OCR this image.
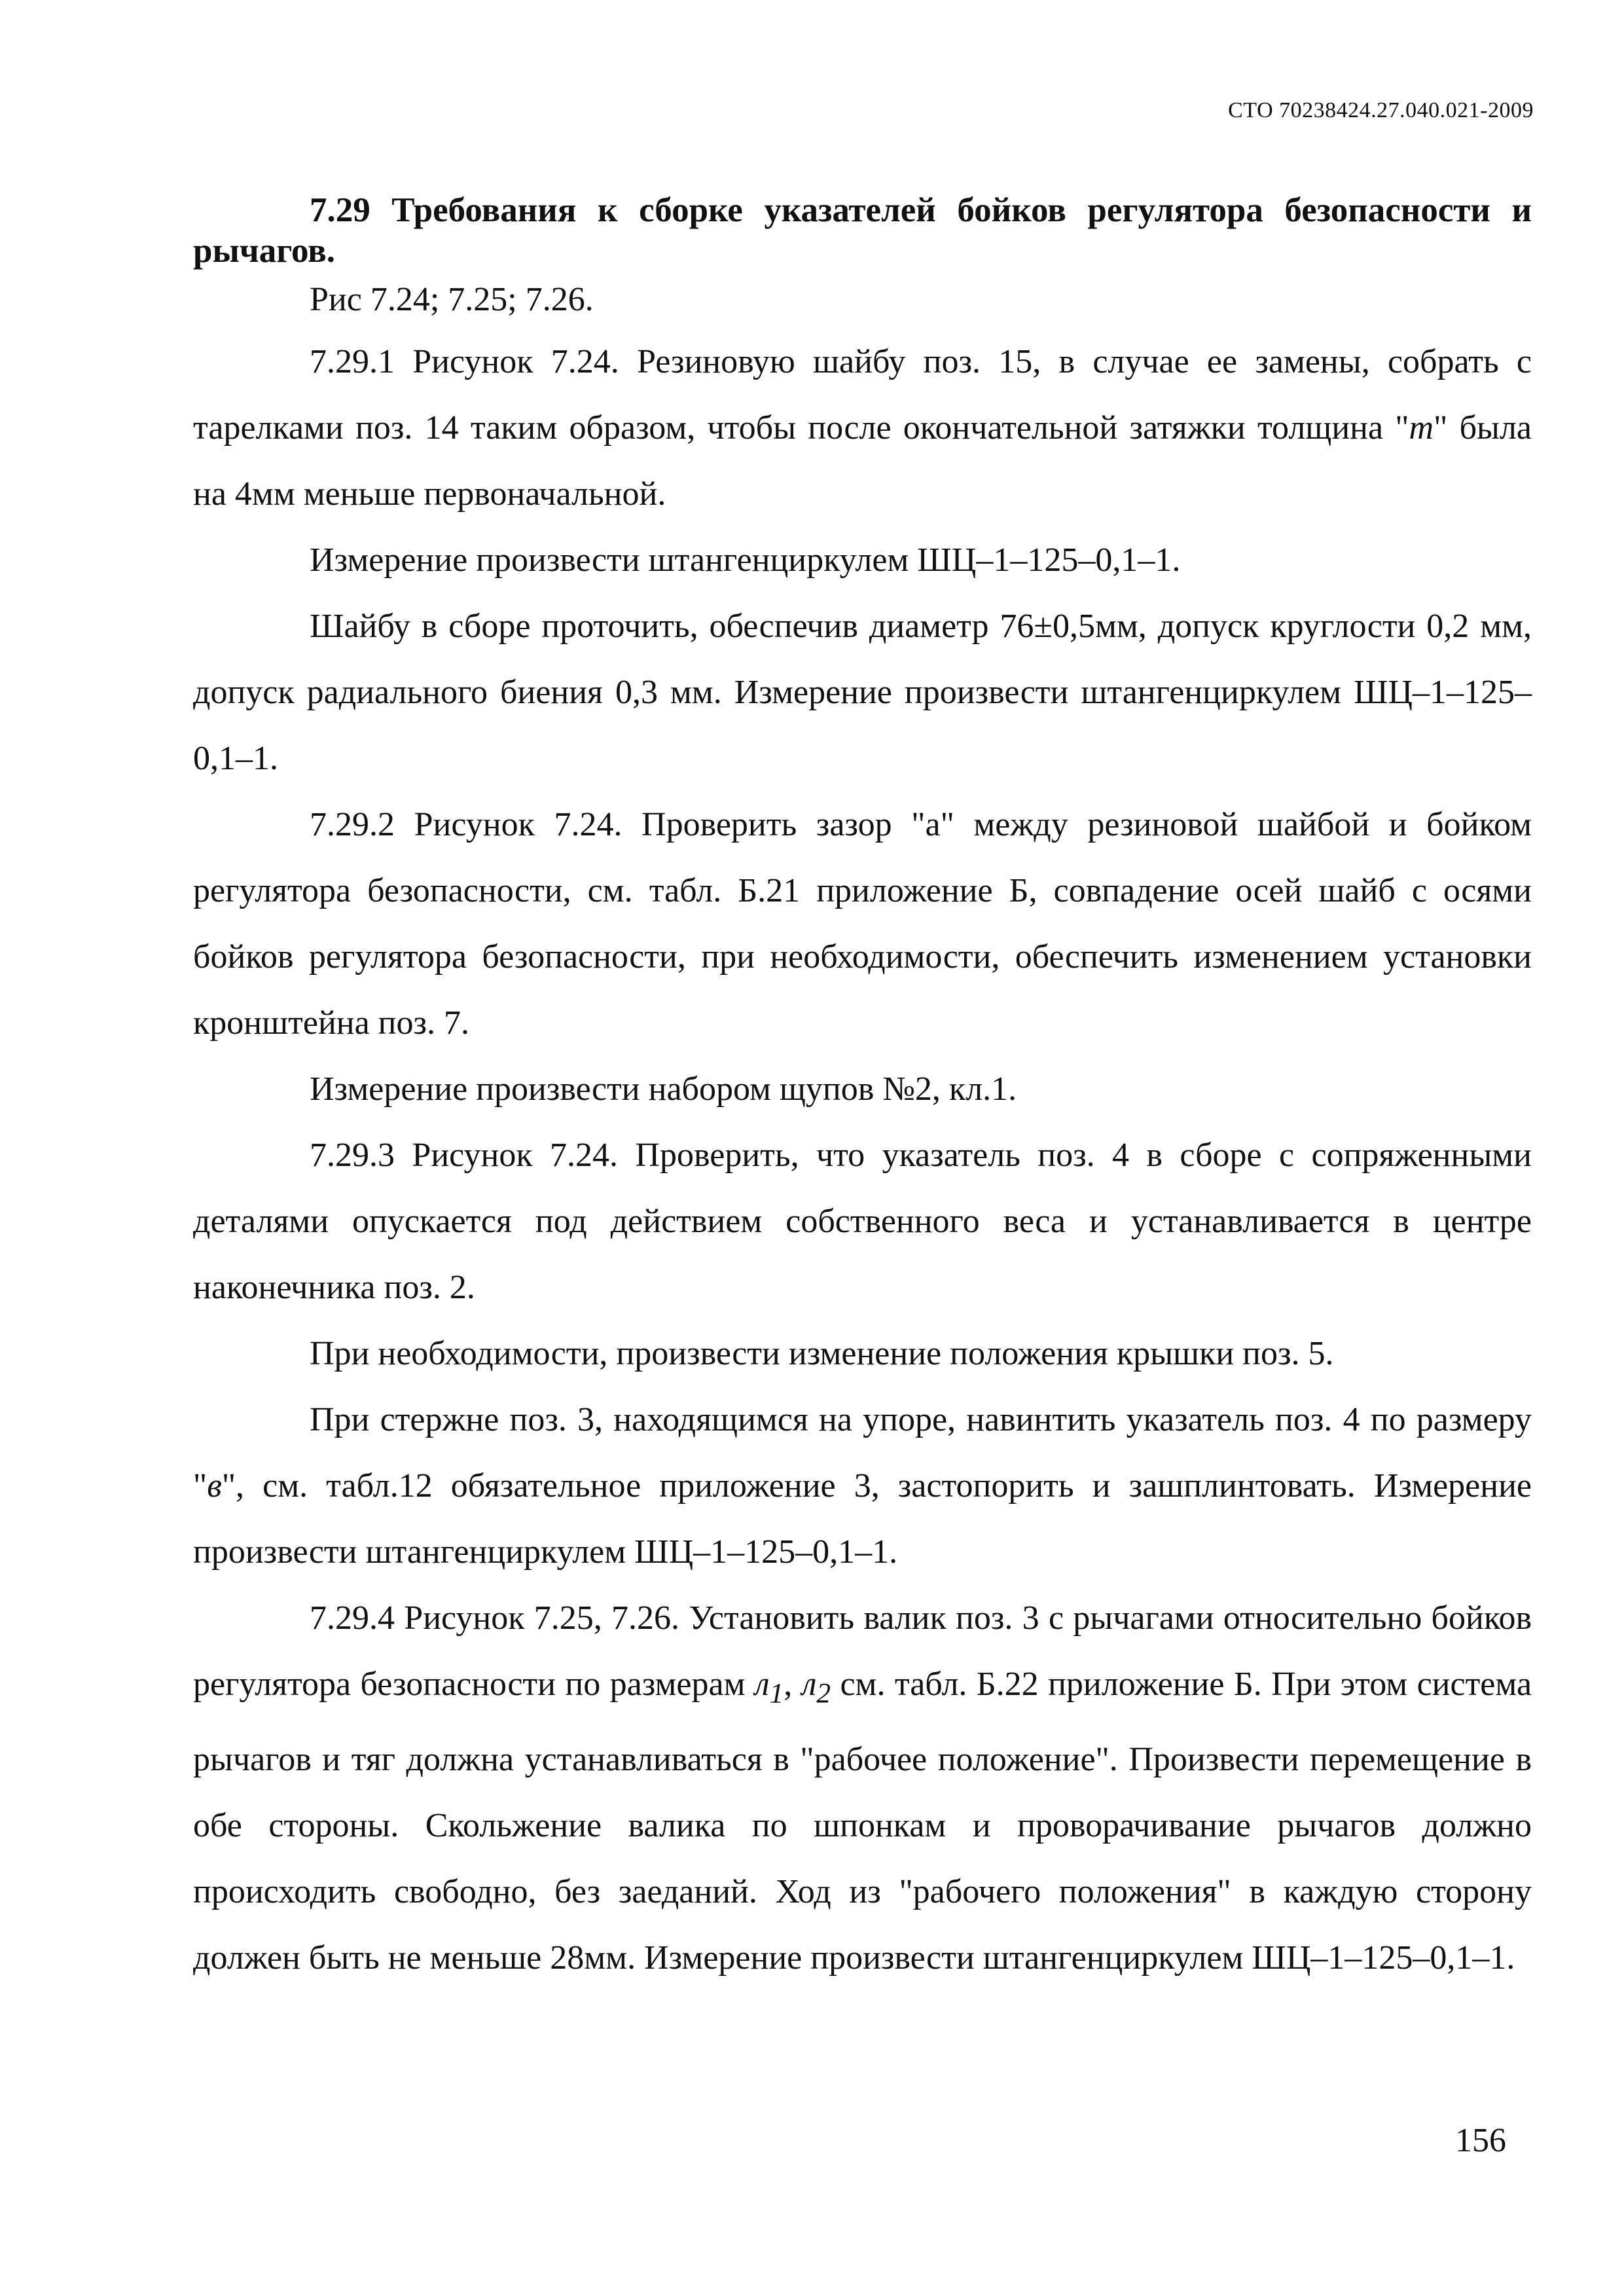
СТО 70238424.27.040.021-2009

7.29 Требования к сборке указателей бойков регулятора безопасности и рычагов.

Рис 7.24; 7.25; 7.26.

7.29.1 Рисунок 7.24. Резиновую шайбу поз. 15, в случае ее замены, собрать с тарелками поз. 14 таким образом, чтобы после окончательной затяжки толщина "m" была на 4мм меньше первоначальной.

Измерение произвести штангенциркулем ШЦ–1–125–0,1–1.

Шайбу в сборе проточить, обеспечив диаметр 76±0,5мм, допуск круглости 0,2 мм, допуск радиального биения 0,3 мм. Измерение произвести штангенциркулем ШЦ–1–125–0,1–1.

7.29.2 Рисунок 7.24. Проверить зазор "а" между резиновой шайбой и бойком регулятора безопасности, см. табл. Б.21 приложение Б, совпадение осей шайб с осями бойков регулятора безопасности, при необходимости, обеспечить изменением установки кронштейна поз. 7.

Измерение произвести набором щупов №2, кл.1.

7.29.3 Рисунок 7.24. Проверить, что указатель поз. 4 в сборе с сопряженными деталями опускается под действием собственного веса и устанавливается в центре наконечника поз. 2.

При необходимости, произвести изменение положения крышки поз. 5.

При стержне поз. 3, находящимся на упоре, навинтить указатель поз. 4 по размеру "в", см. табл.12 обязательное приложение 3, застопорить и зашплинтовать. Измерение произвести штангенциркулем ШЦ–1–125–0,1–1.

7.29.4 Рисунок 7.25, 7.26. Установить валик поз. 3 с рычагами относительно бойков регулятора безопасности по размерам $л_1$, $л_2$ см. табл. Б.22 приложение Б. При этом система рычагов и тяг должна устанавливаться в "рабочее положение". Произвести перемещение в обе стороны. Скольжение валика по шпонкам и проворачивание рычагов должно происходить свободно, без заеданий. Ход из "рабочего положения" в каждую сторону должен быть не меньше 28мм. Измерение произвести штангенциркулем ШЦ–1–125–0,1–1.

156
